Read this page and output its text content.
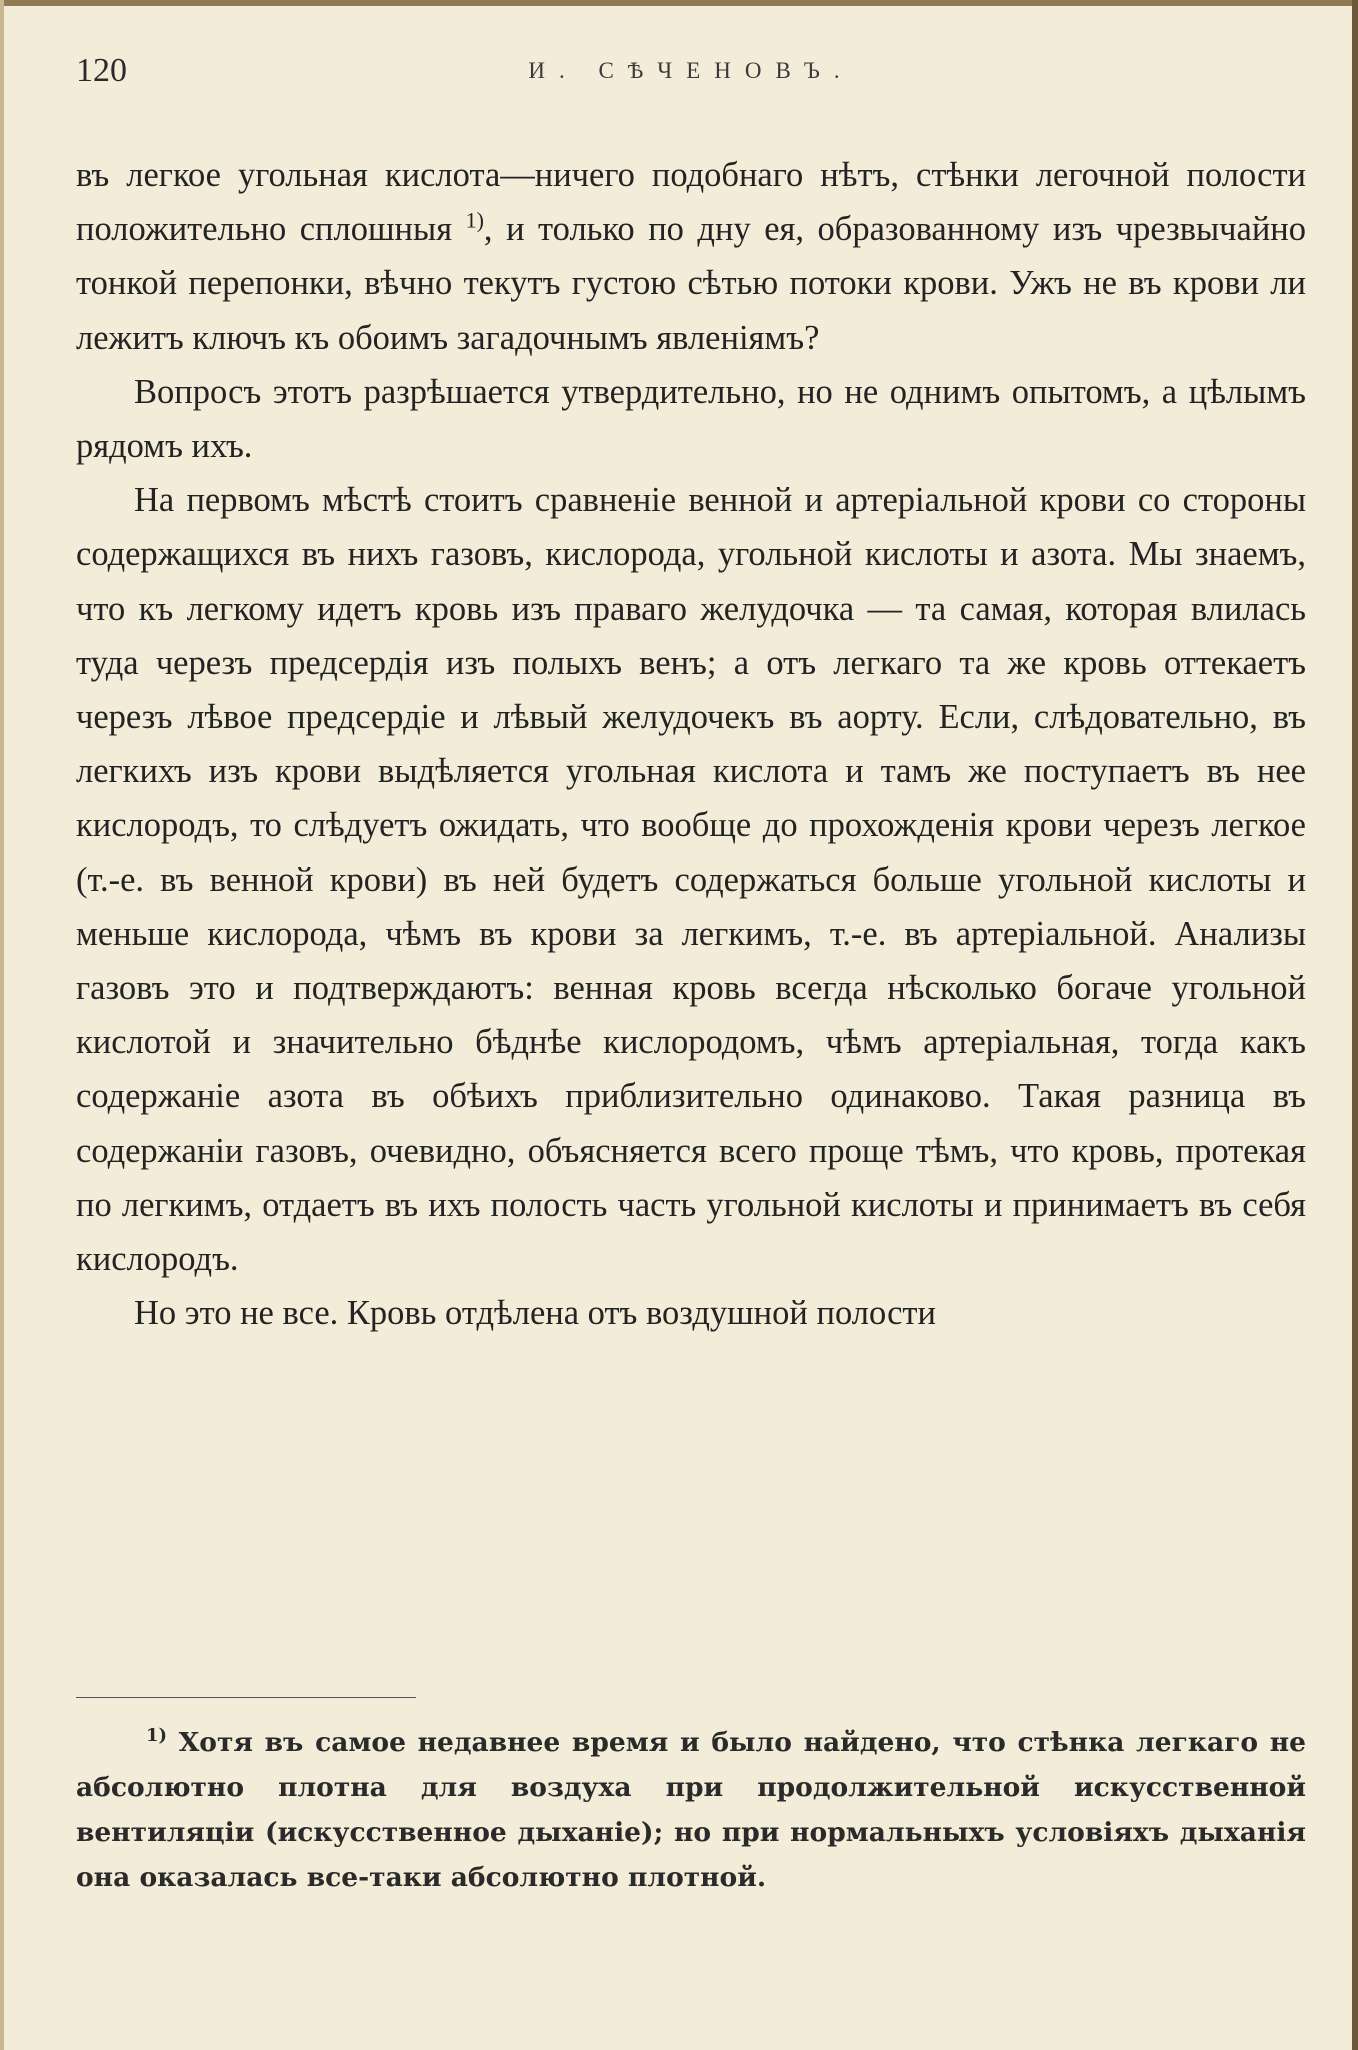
120	И. СѢЧЕНОВЪ.

въ легкое угольная кислота—ничего подобнаго нѣтъ, стѣнки легочной полости положительно сплошныя $^{1)}$, и только по дну ея, образованному изъ чрезвычайно тонкой перепонки, вѣчно текутъ густою сѣтью потоки крови. Ужъ не въ крови ли лежитъ ключъ къ обоимъ загадочнымъ явленіямъ?

Вопросъ этотъ разрѣшается утвердительно, но не однимъ опытомъ, а цѣлымъ рядомъ ихъ.

На первомъ мѣстѣ стоитъ сравненіе венной и артеріальной крови со стороны содержащихся въ нихъ газовъ, кислорода, угольной кислоты и азота. Мы знаемъ, что къ легкому идетъ кровь изъ праваго желудочка — та самая, которая влилась туда черезъ предсердія изъ полыхъ венъ; а отъ легкаго та же кровь оттекаетъ черезъ лѣвое предсердіе и лѣвый желудочекъ въ аорту. Если, слѣдовательно, въ легкихъ изъ крови выдѣляется угольная кислота и тамъ же поступаетъ въ нее кислородъ, то слѣдуетъ ожидать, что вообще до прохожденія крови черезъ легкое (т.-е. въ венной крови) въ ней будетъ содержаться больше угольной кислоты и меньше кислорода, чѣмъ въ крови за легкимъ, т.-е. въ артеріальной. Анализы газовъ это и подтверждаютъ: венная кровь всегда нѣсколько богаче угольной кислотой и значительно бѣднѣе кислородомъ, чѣмъ артеріальная, тогда какъ содержаніе азота въ обѣихъ приблизительно одинаково. Такая разница въ содержаніи газовъ, очевидно, объясняется всего проще тѣмъ, что кровь, протекая по легкимъ, отдаетъ въ ихъ полость часть угольной кислоты и принимаетъ въ себя кислородъ.

Но это не все. Кровь отдѣлена отъ воздушной полости

$^{1)}$ Хотя въ самое недавнее время и было найдено, что стѣнка легкаго не абсолютно плотна для воздуха при продолжительной искусственной вентиляціи (искусственное дыханіе); но при нормальныхъ условіяхъ дыханія она оказалась все-таки абсолютно плотной.
